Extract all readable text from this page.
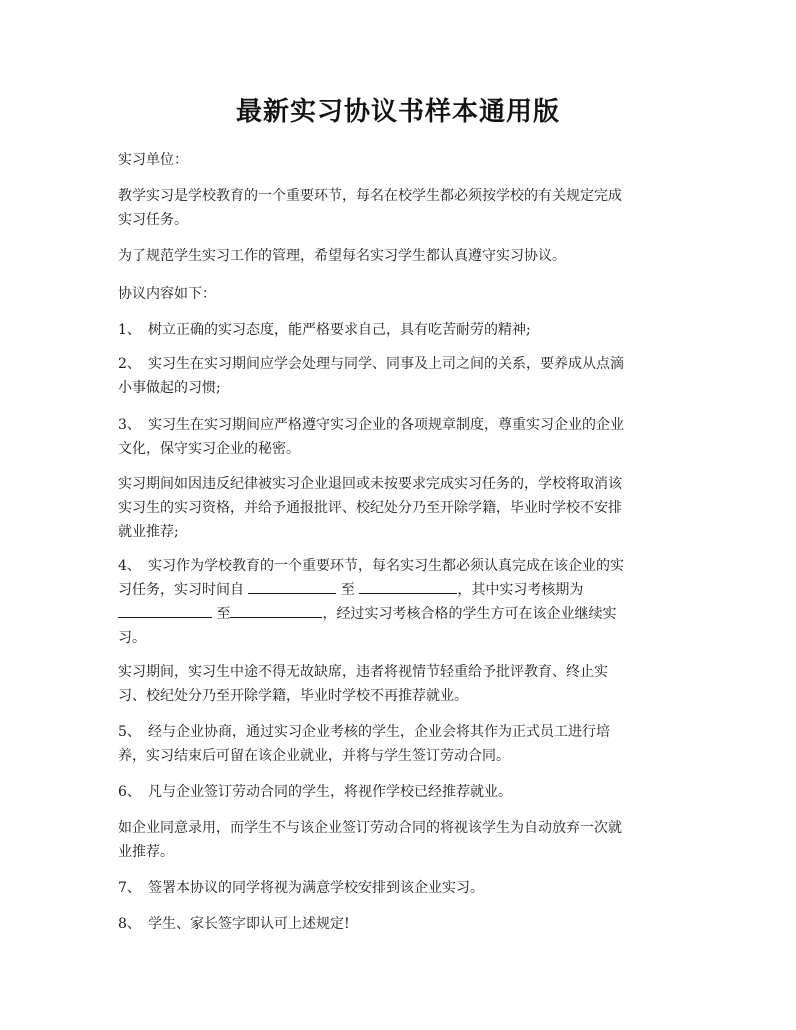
最新实习协议书样本通用版

实习单位：

教学实习是学校教育的一个重要环节，每名在校学生都必须按学校的有关规定完成
实习任务。

为了规范学生实习工作的管理，希望每名实习学生都认真遵守实习协议。

协议内容如下：

1、 树立正确的实习态度，能严格要求自己，具有吃苦耐劳的精神;

2、 实习生在实习期间应学会处理与同学、同事及上司之间的关系，要养成从点滴
小事做起的习惯;

3、 实习生在实习期间应严格遵守实习企业的各项规章制度，尊重实习企业的企业
文化，保守实习企业的秘密。

实习期间如因违反纪律被实习企业退回或未按要求完成实习任务的，学校将取消该
实习生的实习资格，并给予通报批评、校纪处分乃至开除学籍，毕业时学校不安排
就业推荐;

4、 实习作为学校教育的一个重要环节，每名实习生都必须认真完成在该企业的实
习任务，实习时间自	至	，其中实习考核期为
至	，经过实习考核合格的学生方可在该企业继续实
习。

实习期间，实习生中途不得无故缺席，违者将视情节轻重给予批评教育、终止实
习、校纪处分乃至开除学籍，毕业时学校不再推荐就业。

5、 经与企业协商，通过实习企业考核的学生，企业会将其作为正式员工进行培
养，实习结束后可留在该企业就业，并将与学生签订劳动合同。

6、 凡与企业签订劳动合同的学生，将视作学校已经推荐就业。

如企业同意录用，而学生不与该企业签订劳动合同的将视该学生为自动放弃一次就
业推荐。

7、 签署本协议的同学将视为满意学校安排到该企业实习。

8、 学生、家长签字即认可上述规定!
